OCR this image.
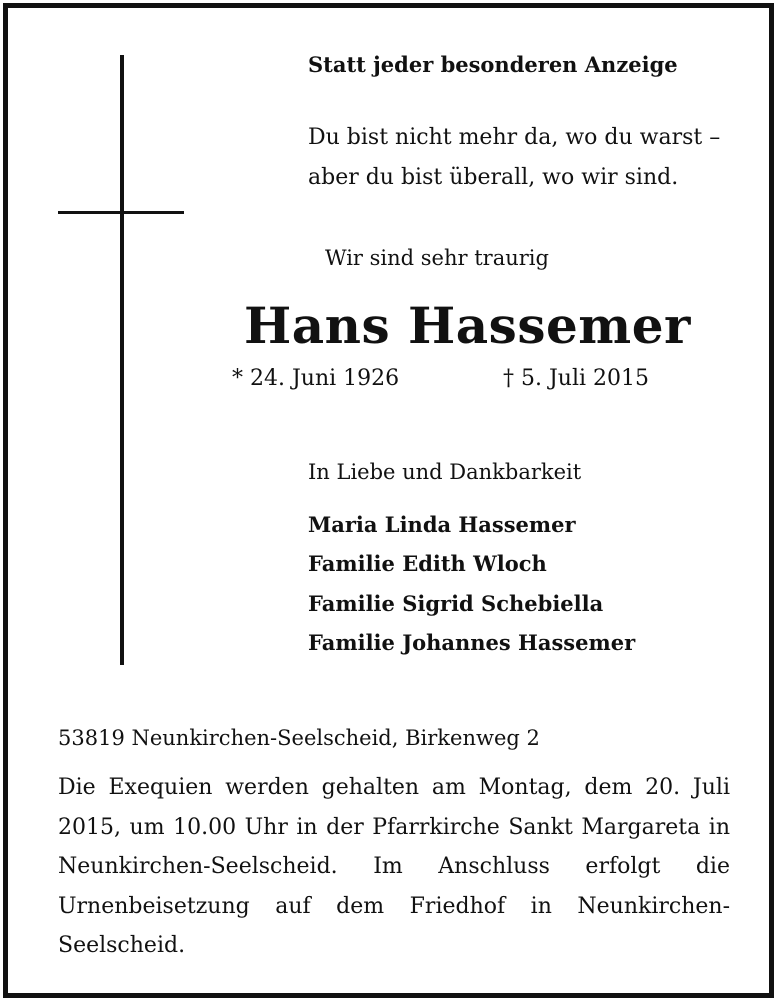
Statt jeder besonderen Anzeige
Du bist nicht mehr da, wo du warst –
aber du bist überall, wo wir sind.
Wir sind sehr traurig
Hans Hassemer
* 24. Juni 1926	† 5. Juli 2015
In Liebe und Dankbarkeit
Maria Linda Hassemer
Familie Edith Wloch
Familie Sigrid Schebiella
Familie Johannes Hassemer
53819 Neunkirchen-Seelscheid, Birkenweg 2
Die Exequien werden gehalten am Montag, dem 20. Juli 2015, um 10.00 Uhr in der Pfarrkirche Sankt Margareta in Neunkirchen-Seelscheid. Im Anschluss erfolgt die Urnenbeisetzung auf dem Friedhof in Neunkirchen-Seelscheid.
